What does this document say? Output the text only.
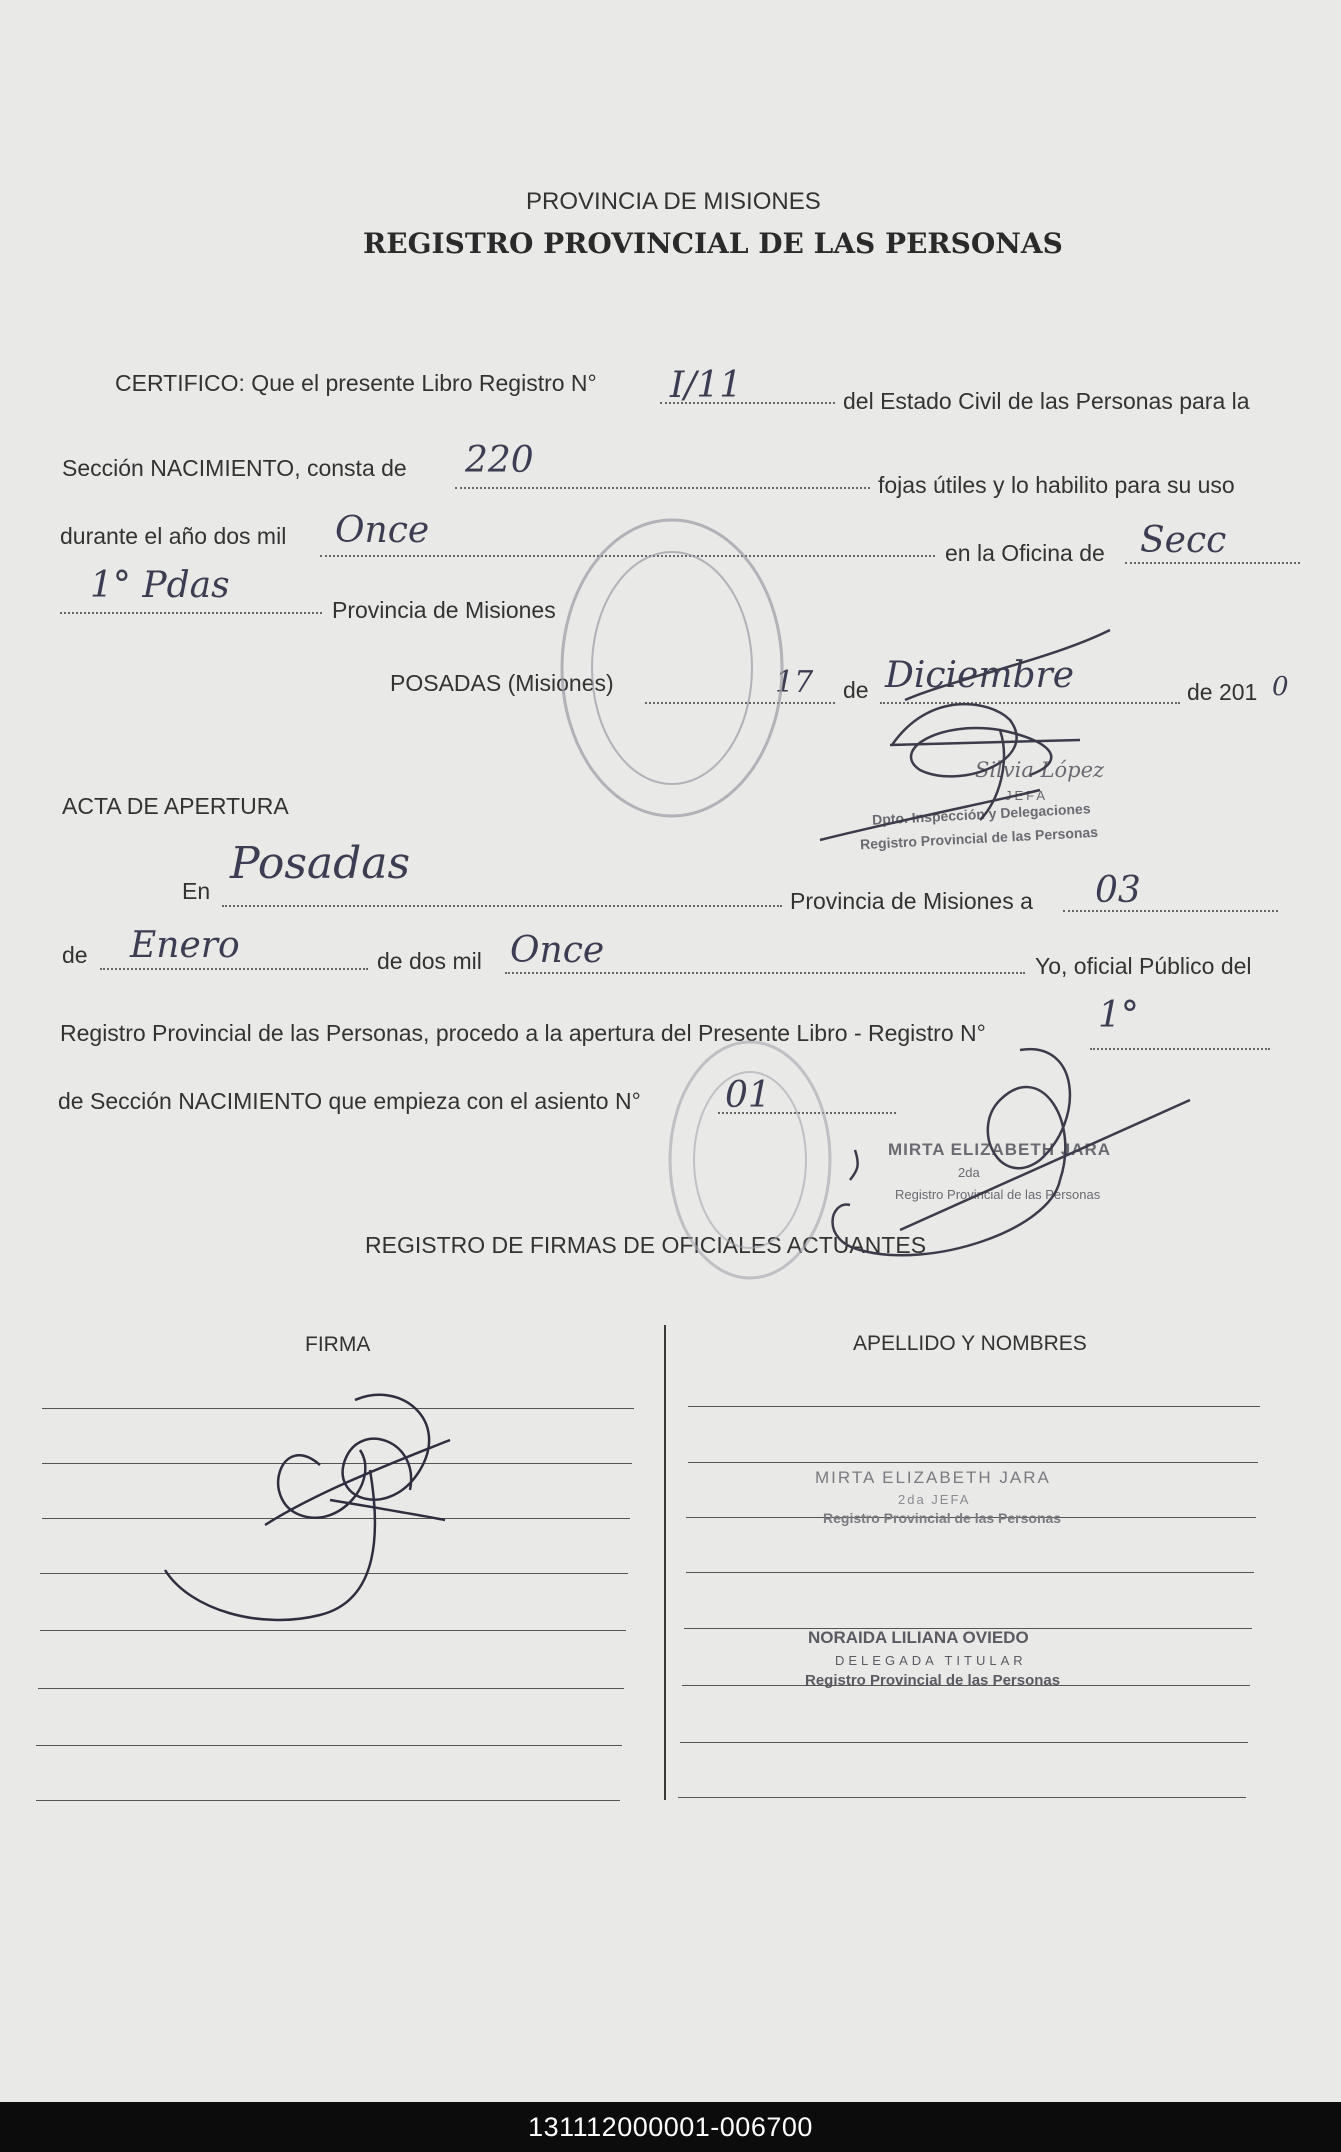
PROVINCIA DE MISIONES
REGISTRO PROVINCIAL DE LAS PERSONAS
CERTIFICO: Que el presente Libro Registro N° I/11	del Estado Civil de las Personas para la
Sección NACIMIENTO, consta de 220
fojas útiles y lo habilito para su uso
durante el año dos mil Once
en la Oficina de Secc
1° Pdas
Provincia de Misiones
POSADAS (Misiones)	17 de Diciembre	de 201 0
ACTA DE APERTURA
En
Posadas
Provincia de Misiones a 03
de Enero	de dos mil Once	Yo, oficial Público del
Registro Provincial de las Personas, procedo a la apertura del Presente Libro - Registro N°	1°
de Sección NACIMIENTO que empieza con el asiento N° 01
Silvia López
JEFA
Dpto. Inspección y Delegaciones
Registro Provincial de las Personas
MIRTA ELIZABETH JARA
2da
Registro Provincial de las Personas
REGISTRO DE FIRMAS DE OFICIALES ACTUANTES
FIRMA	APELLIDO Y NOMBRES
MIRTA ELIZABETH JARA
2da JEFA
Registro Provincial de las Personas
NORAIDA LILIANA OVIEDO
DELEGADA TITULAR
Registro Provincial de las Personas
131112000001-006700
